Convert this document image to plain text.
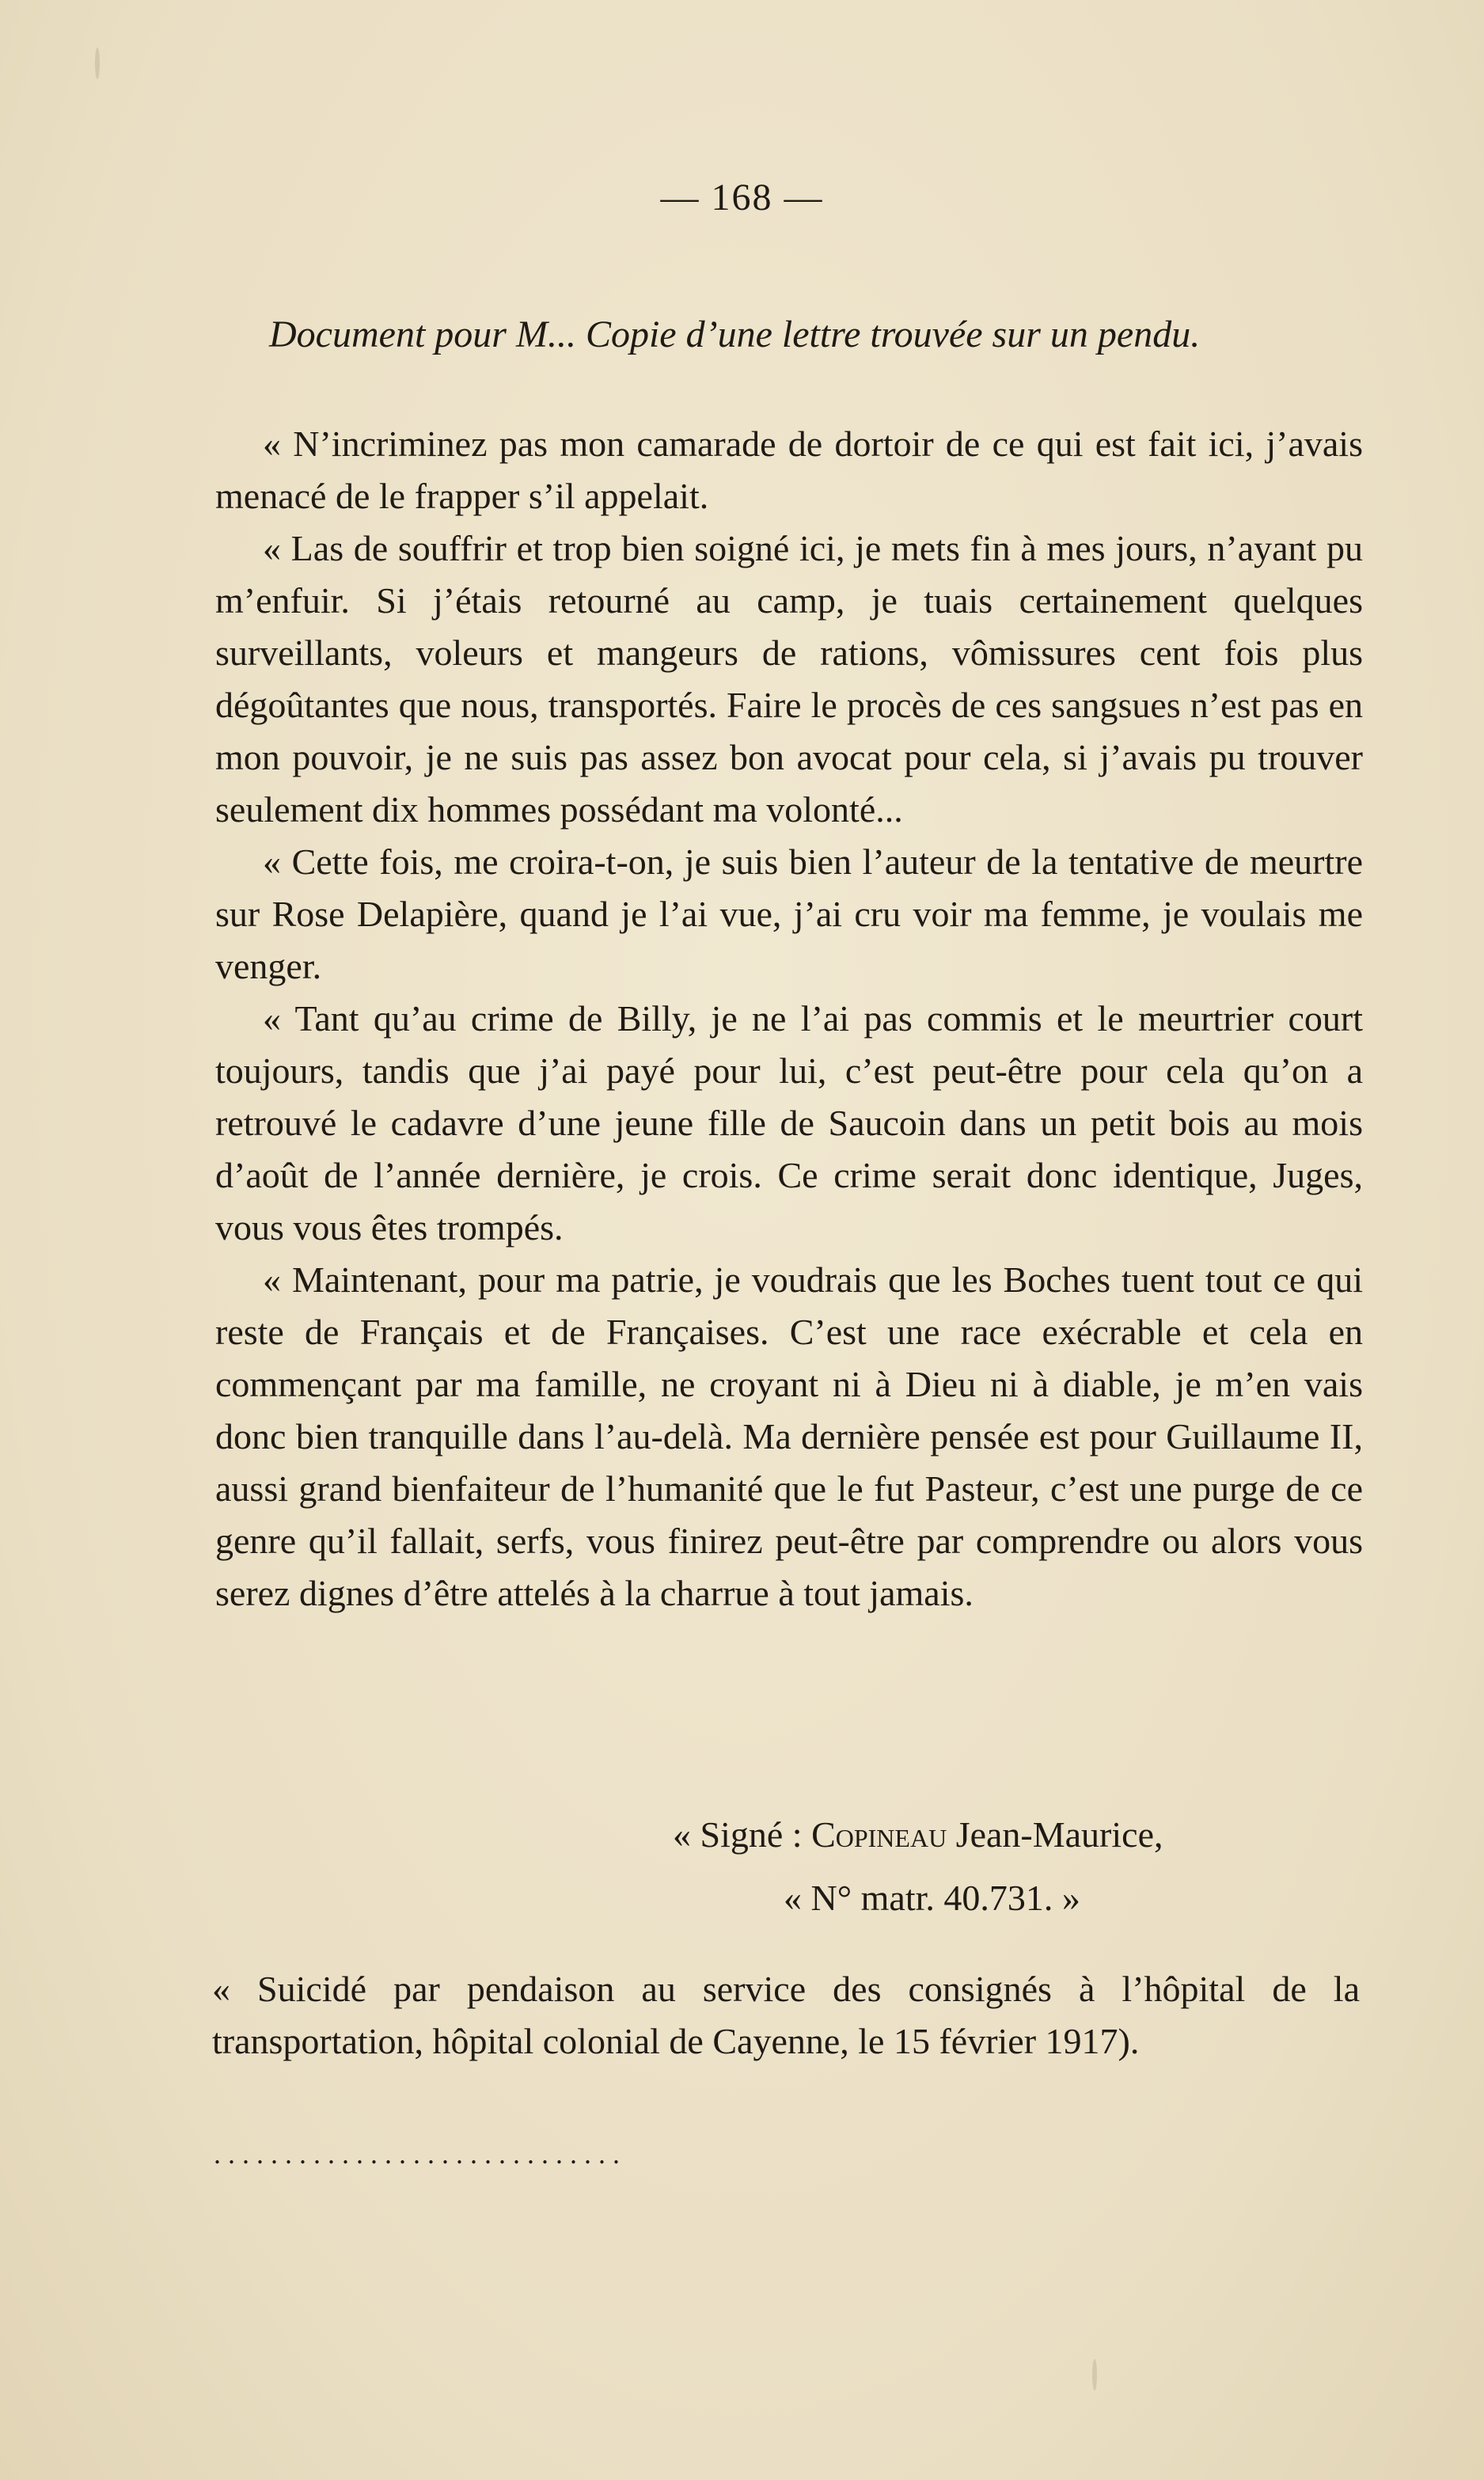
— 168 —
Document pour M... Copie d’une lettre trouvée sur un pendu.

« N’incriminez pas mon camarade de dortoir de ce qui est fait ici, j’avais menacé de le frapper s’il appelait.

« Las de souffrir et trop bien soigné ici, je mets fin à mes jours, n’ayant pu m’enfuir. Si j’étais retourné au camp, je tuais certainement quelques surveillants, voleurs et mangeurs de rations, vômissures cent fois plus dégoûtantes que nous, transportés. Faire le procès de ces sangsues n’est pas en mon pouvoir, je ne suis pas assez bon avocat pour cela, si j’avais pu trouver seulement dix hommes possédant ma volonté...

« Cette fois, me croira-t-on, je suis bien l’auteur de la tentative de meurtre sur Rose Delapière, quand je l’ai vue, j’ai cru voir ma femme, je voulais me venger.

« Tant qu’au crime de Billy, je ne l’ai pas commis et le meurtrier court toujours, tandis que j’ai payé pour lui, c’est peut-être pour cela qu’on a retrouvé le cadavre d’une jeune fille de Saucoin dans un petit bois au mois d’août de l’année dernière, je crois. Ce crime serait donc identique, Juges, vous vous êtes trompés.

« Maintenant, pour ma patrie, je voudrais que les Boches tuent tout ce qui reste de Français et de Françaises. C’est une race exécrable et cela en commençant par ma famille, ne croyant ni à Dieu ni à diable, je m’en vais donc bien tranquille dans l’au-delà. Ma dernière pensée est pour Guillaume II, aussi grand bienfaiteur de l’humanité que le fut Pasteur, c’est une purge de ce genre qu’il fallait, serfs, vous finirez peut-être par comprendre ou alors vous serez dignes d’être attelés à la charrue à tout jamais.

« Signé : Copineau Jean-Maurice,
« N° matr. 40.731. »
« Suicidé par pendaison au service des consignés à l’hôpital de la transportation, hôpital colonial de Cayenne, le 15 février 1917).
. . . . . . . . . . . . . . . . . . . . . . . . . . . . .
